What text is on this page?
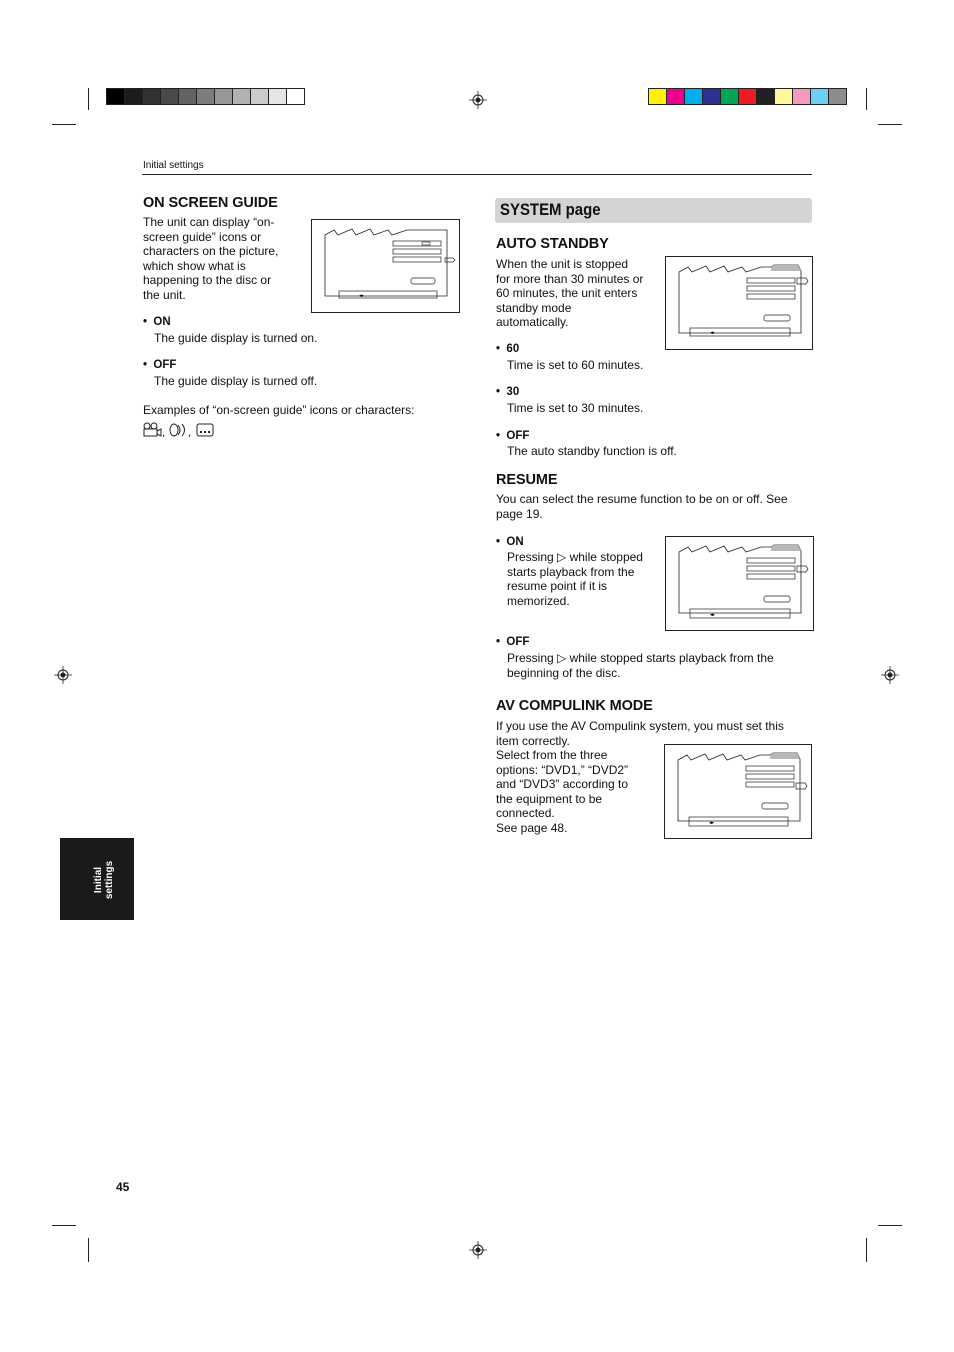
Initial settings
ON SCREEN GUIDE
The unit can display “on-
screen guide” icons or
characters on the picture,
which show what is
happening to the disc or
the unit.	◂▸
•  ON
The guide display is turned on.
•  OFF
The guide display is turned off.
Examples of “on-screen guide” icons or characters:
, ,
SYSTEM page
AUTO STANDBY
When the unit is stopped
for more than 30 minutes or
60 minutes, the unit enters
standby mode
automatically.
◂▸
•  60
Time is set to 60 minutes.
•  30
Time is set to 30 minutes.
•  OFF
The auto standby function is off.
RESUME
You can select the resume function to be on or off. See
page 19.
•  ON
Pressing ▷ while stopped
starts playback from the
resume point if it is
memorized.
◂▸
•  OFF
Pressing ▷ while stopped starts playback from the
beginning of the disc.
AV COMPULINK MODE
If you use the AV Compulink system, you must set this
item correctly.
Select from the three
options: “DVD1,” “DVD2”
and “DVD3” according to
the equipment to be
connected.
See page 48.	◂▸
Initial settings
45
